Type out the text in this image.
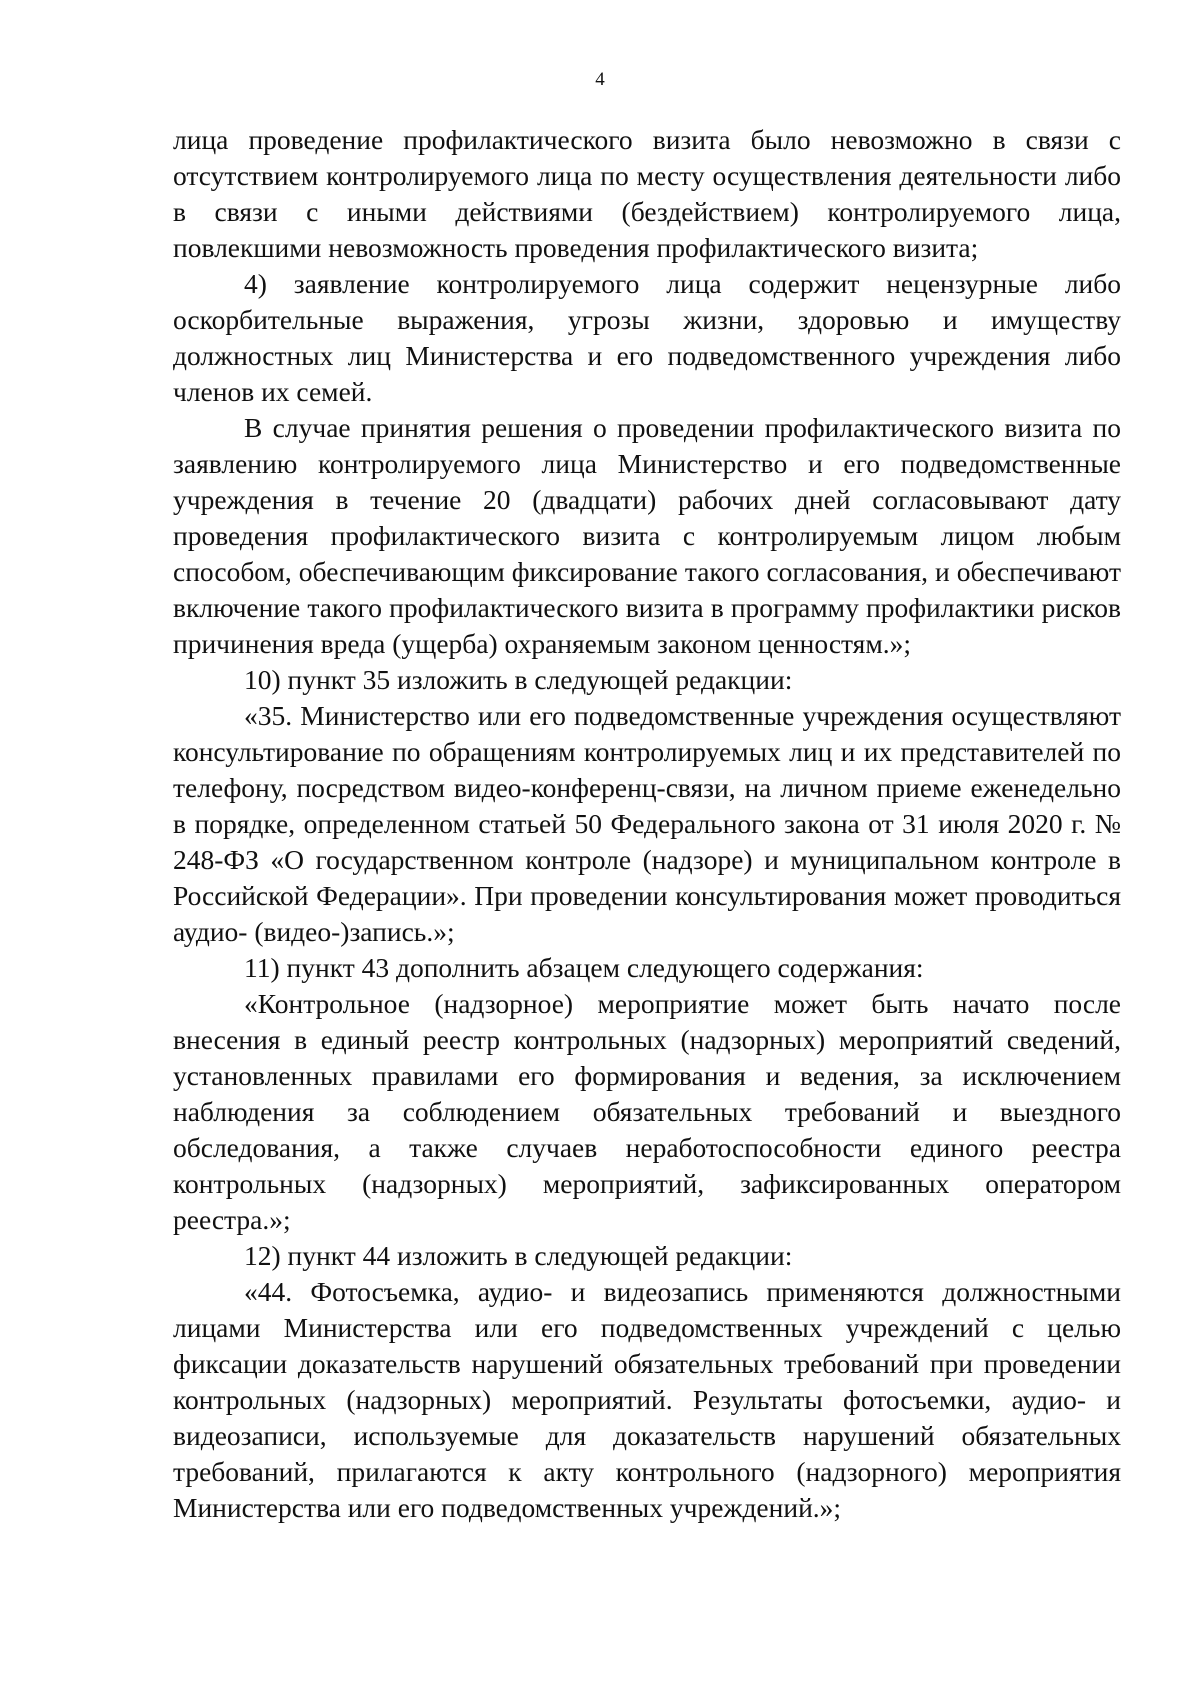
4

лица проведение профилактического визита было невозможно в связи с отсутствием контролируемого лица по месту осуществления деятельности либо в связи с иными действиями (бездействием) контролируемого лица, повлекшими невозможность проведения профилактического визита;

4) заявление контролируемого лица содержит нецензурные либо оскорбительные выражения, угрозы жизни, здоровью и имуществу должностных лиц Министерства и его подведомственного учреждения либо членов их семей.

В случае принятия решения о проведении профилактического визита по заявлению контролируемого лица Министерство и его подведомственные учреждения в течение 20 (двадцати) рабочих дней согласовывают дату проведения профилактического визита с контролируемым лицом любым способом, обеспечивающим фиксирование такого согласования, и обеспечивают включение такого профилактического визита в программу профилактики рисков причинения вреда (ущерба) охраняемым законом ценностям.»;

10) пункт 35 изложить в следующей редакции:

«35. Министерство или его подведомственные учреждения осуществляют консультирование по обращениям контролируемых лиц и их представителей по телефону, посредством видео-конференц-связи, на личном приеме еженедельно в порядке, определенном статьей 50 Федерального закона от 31 июля 2020 г. № 248-ФЗ «О государственном контроле (надзоре) и муниципальном контроле в Российской Федерации». При проведении консультирования может проводиться аудио- (видео-)запись.»;

11) пункт 43 дополнить абзацем следующего содержания:

«Контрольное (надзорное) мероприятие может быть начато после внесения в единый реестр контрольных (надзорных) мероприятий сведений, установленных правилами его формирования и ведения, за исключением наблюдения за соблюдением обязательных требований и выездного обследования, а также случаев неработоспособности единого реестра контрольных (надзорных) мероприятий, зафиксированных оператором реестра.»;

12) пункт 44 изложить в следующей редакции:

«44. Фотосъемка, аудио- и видеозапись применяются должностными лицами Министерства или его подведомственных учреждений с целью фиксации доказательств нарушений обязательных требований при проведении контрольных (надзорных) мероприятий. Результаты фотосъемки, аудио- и видеозаписи, используемые для доказательств нарушений обязательных требований, прилагаются к акту контрольного (надзорного) мероприятия Министерства или его подведомственных учреждений.»;
